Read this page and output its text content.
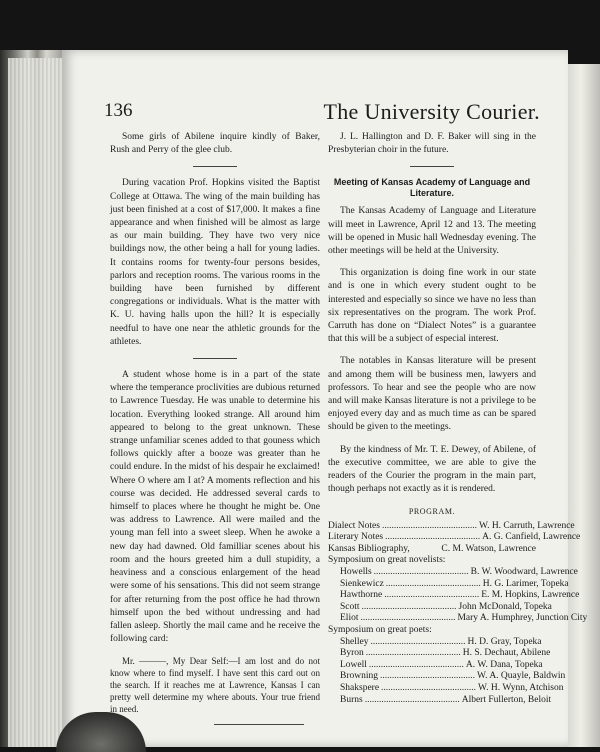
136	The University Courier.

Some girls of Abilene inquire kindly of Baker, Rush and Perry of the glee club.

During vacation Prof. Hopkins visited the Baptist College at Ottawa. The wing of the main building has just been finished at a cost of $17,000. It makes a fine appearance and when finished will be almost as large as our main building. They have two very nice buildings now, the other being a hall for young ladies. It contains rooms for twenty-four persons besides, parlors and reception rooms. The various rooms in the building have been furnished by different congregations or individuals. What is the matter with K. U. having halls upon the hill? It is especially needful to have one near the athletic grounds for the athletes.

A student whose home is in a part of the state where the temperance proclivities are dubious returned to Lawrence Tuesday. He was unable to determine his location. Everything looked strange. All around him appeared to belong to the great unknown. These strange unfamiliar scenes added to that gouness which follows quickly after a booze was greater than he could endure. In the midst of his despair he exclaimed! Where O where am I at? A moments reflection and his course was decided. He addressed several cards to himself to places where he thought he might be. One was address to Lawrence. All were mailed and the young man fell into a sweet sleep. When he awoke a new day had dawned. Old familliar scenes about his room and the hours greeted him a dull stupidity, a heaviness and a conscious enlargement of the head were some of his sensations. This did not seem strange for after returning from the post office he had thrown himself upon the bed without undressing and had fallen asleep. Shortly the mail came and he receive the following card:

Mr. ———, My Dear Self:—I am lost and do not know where to find myself. I have sent this card out on the search. If it reaches me at Lawrence, Kansas I can pretty well determine my where abouts. Your true friend in need.

J. L. Hallington and D. F. Baker will sing in the Presbyterian choir in the future.

Meeting of Kansas Academy of Language and Literature.

The Kansas Academy of Language and Literature will meet in Lawrence, April 12 and 13. The meeting will be opened in Music hall Wednesday evening. The other meetings will be held at the University.

This organization is doing fine work in our state and is one in which every student ought to be interested and especially so since we have no less than six representatives on the program. The work Prof. Carruth has done on “Dialect Notes” is a guarantee that this will be a subject of especial interest.

The notables in Kansas literature will be present and among them will be business men, lawyers and professors. To hear and see the people who are now and will make Kansas literature is not a privilege to be enjoyed every day and as much time as can be spared should be given to the meetings.

By the kindness of Mr. T. E. Dewey, of Abilene, of the executive committee, we are able to give the readers of the Courier the program in the main part, though perhaps not exactly as it is rendered.

PROGRAM.
Dialect Notes ........................................ W. H. Carruth, Lawrence
Literary Notes ........................................ A. G. Canfield, Lawrence
Kansas Bibliography,	C. M. Watson, Lawrence
Symposium on great novelists:
Howells ........................................ B. W. Woodward, Lawrence
Sienkewicz ........................................ H. G. Larimer, Topeka
Hawthorne ........................................ E. M. Hopkins, Lawrence
Scott ........................................ John McDonald, Topeka
Eliot ........................................ Mary A. Humphrey, Junction City
Symposium on great poets:
Shelley ........................................ H. D. Gray, Topeka
Byron ........................................ H. S. Dechaut, Abilene
Lowell ........................................ A. W. Dana, Topeka
Browning ........................................ W. A. Quayle, Baldwin
Shakspere ........................................ W. H. Wynn, Atchison
Burns ........................................ Albert Fullerton, Beloit
